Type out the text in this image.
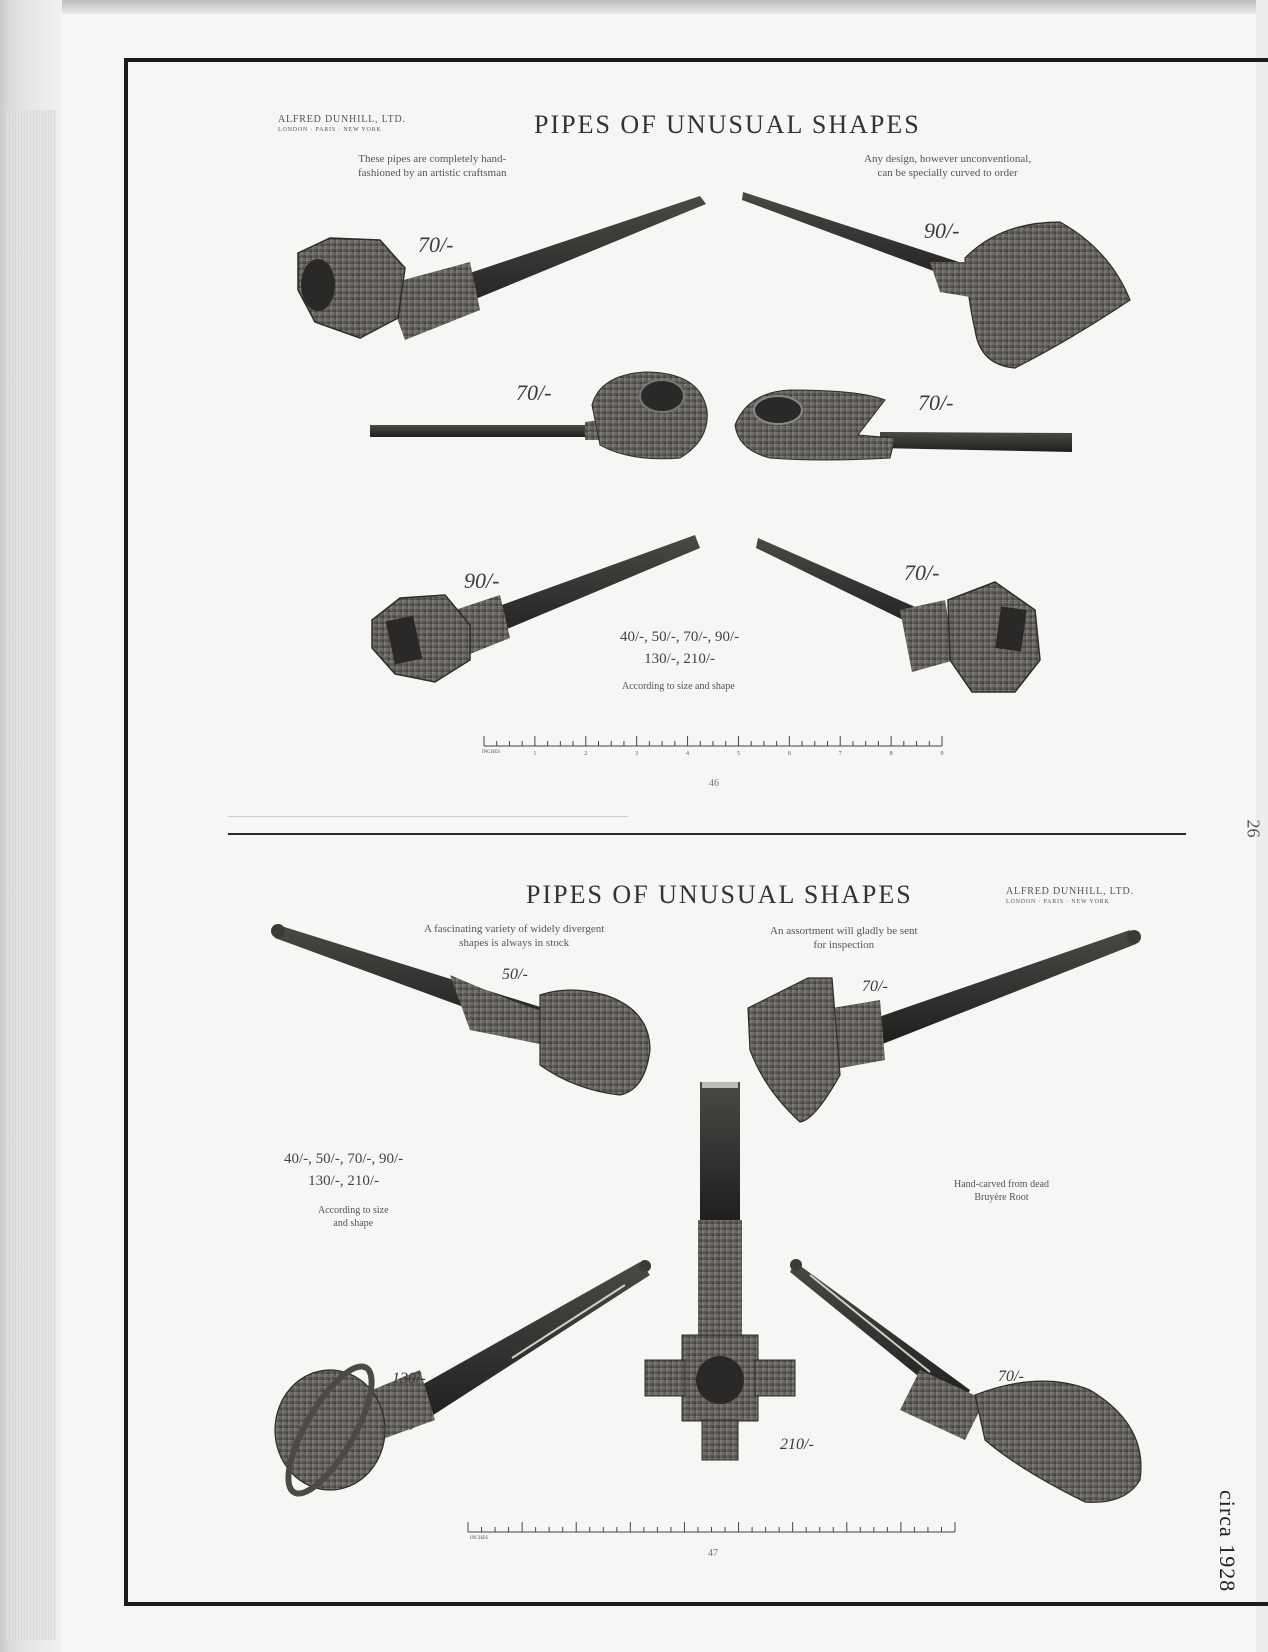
1	2	3	4	5	6	7	8	9
ALFRED DUNHILL, LTD.
LONDON · PARIS · NEW YORK	PIPES OF UNUSUAL SHAPES
These pipes are completely hand-
fashioned by an artistic craftsman
Any design, however unconventional,
can be specially curved to order
70/-
90/-
70/-	70/-
90/-	70/-
40/-, 50/-, 70/-, 90/-
130/-, 210/-
According to size and shape
INCHES
46
PIPES OF UNUSUAL SHAPES	ALFRED DUNHILL, LTD.
LONDON · PARIS · NEW YORK
A fascinating variety of widely divergent
shapes is always in stock
An assortment will gladly be sent
for inspection
50/-
70/-
130/-
210/-
70/-
40/-, 50/-, 70/-, 90/-
130/-, 210/-
According to size
and shape
Hand-carved from dead
Bruyère Root
INCHES
47	circa 1928
26
